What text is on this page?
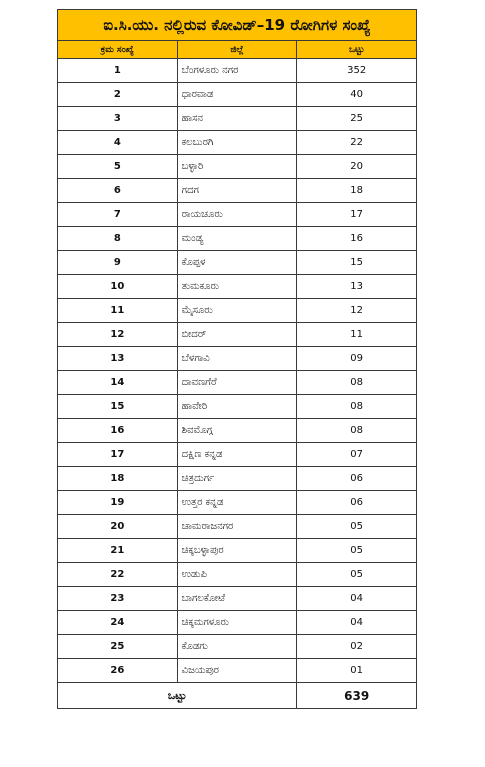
ಐ.ಸಿ.ಯು. ನಲ್ಲಿರುವ ಕೋವಿಡ್–19 ರೋಗಿಗಳ ಸಂಖ್ಯೆ		
ಕ್ರಮ ಸಂಖ್ಯೆ	ಜಿಲ್ಲೆ	ಒಟ್ಟು
1	ಬೆಂಗಳೂರು ನಗರ	352
2	ಧಾರವಾಡ	40
3	ಹಾಸನ	25
4	ಕಲಬುರಗಿ	22
5	ಬಳ್ಳಾರಿ	20
6	ಗದಗ	18
7	ರಾಯಚೂರು	17
8	ಮಂಡ್ಯ	16
9	ಕೊಪ್ಪಳ	15
10	ತುಮಕೂರು	13
11	ಮೈಸೂರು	12
12	ಬೀದರ್	11
13	ಬೆಳಗಾವಿ	09
14	ದಾವಣಗೆರೆ	08
15	ಹಾವೇರಿ	08
16	ಶಿವಮೊಗ್ಗ	08
17	ದಕ್ಷಿಣ ಕನ್ನಡ	07
18	ಚಿತ್ರದುರ್ಗ	06
19	ಉತ್ತರ ಕನ್ನಡ	06
20	ಚಾಮರಾಜನಗರ	05
21	ಚಿಕ್ಕಬಳ್ಳಾಪುರ	05
22	ಉಡುಪಿ	05
23	ಬಾಗಲಕೋಟೆ	04
24	ಚಿಕ್ಕಮಗಳೂರು	04
25	ಕೊಡಗು	02
26	ವಿಜಯಪುರ	01
ಒಟ್ಟು		639
